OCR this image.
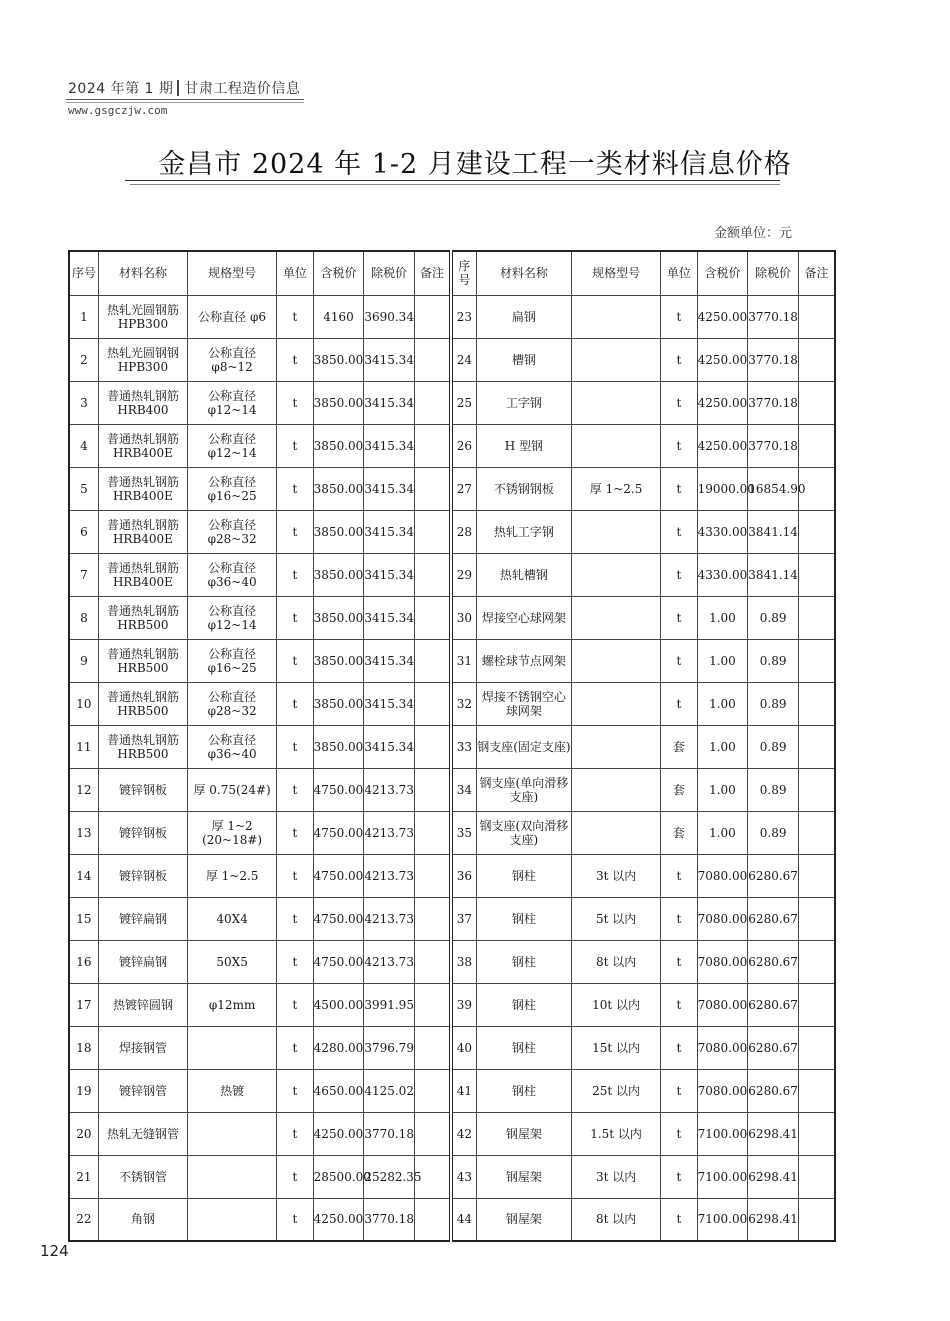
2024 年第 1 期 甘肃工程造价信息
www.gsgczjw.com
金昌市 2024 年 1-2 月建设工程一类材料信息价格
金额单位：元
序号	材料名称	规格型号	单位	含税价	除税价	备注	序号	材料名称	规格型号	单位	含税价	除税价	备注
1	热轧光圆钢筋 HPB300	公称直径 φ6	t	4160	3690.34		23	扁钢		t	4250.00	3770.18	
2	热轧光圆钢钢 HPB300	公称直径 φ8~12	t	3850.00	3415.34		24	槽钢		t	4250.00	3770.18	
3	普通热轧钢筋 HRB400	公称直径 φ12~14	t	3850.00	3415.34		25	工字钢		t	4250.00	3770.18	
4	普通热轧钢筋 HRB400E	公称直径 φ12~14	t	3850.00	3415.34		26	H 型钢		t	4250.00	3770.18	
5	普通热轧钢筋 HRB400E	公称直径 φ16~25	t	3850.00	3415.34		27	不锈钢钢板	厚 1~2.5	t	19000.00	16854.90	
6	普通热轧钢筋 HRB400E	公称直径 φ28~32	t	3850.00	3415.34		28	热轧工字钢		t	4330.00	3841.14	
7	普通热轧钢筋 HRB400E	公称直径 φ36~40	t	3850.00	3415.34		29	热轧槽钢		t	4330.00	3841.14	
8	普通热轧钢筋 HRB500	公称直径 φ12~14	t	3850.00	3415.34		30	焊接空心球网架		t	1.00	0.89	
9	普通热轧钢筋 HRB500	公称直径 φ16~25	t	3850.00	3415.34		31	螺栓球节点网架		t	1.00	0.89	
10	普通热轧钢筋 HRB500	公称直径 φ28~32	t	3850.00	3415.34		32	焊接不锈钢空心球网架		t	1.00	0.89	
11	普通热轧钢筋 HRB500	公称直径 φ36~40	t	3850.00	3415.34		33	钢支座(固定支座)		套	1.00	0.89	
12	镀锌钢板	厚 0.75(24#)	t	4750.00	4213.73		34	钢支座(单向滑移支座)		套	1.00	0.89	
13	镀锌钢板	厚 1~2 (20~18#)	t	4750.00	4213.73		35	钢支座(双向滑移支座)		套	1.00	0.89	
14	镀锌钢板	厚 1~2.5	t	4750.00	4213.73		36	钢柱	3t 以内	t	7080.00	6280.67	
15	镀锌扁钢	40X4	t	4750.00	4213.73		37	钢柱	5t 以内	t	7080.00	6280.67	
16	镀锌扁钢	50X5	t	4750.00	4213.73		38	钢柱	8t 以内	t	7080.00	6280.67	
17	热镀锌圆钢	φ12mm	t	4500.00	3991.95		39	钢柱	10t 以内	t	7080.00	6280.67	
18	焊接钢管		t	4280.00	3796.79		40	钢柱	15t 以内	t	7080.00	6280.67	
19	镀锌钢管	热镀	t	4650.00	4125.02		41	钢柱	25t 以内	t	7080.00	6280.67	
20	热轧无缝钢管		t	4250.00	3770.18		42	钢屋架	1.5t 以内	t	7100.00	6298.41	
21	不锈钢管		t	28500.00	25282.35		43	钢屋架	3t 以内	t	7100.00	6298.41	
22	角钢		t	4250.00	3770.18		44	钢屋架	8t 以内	t	7100.00	6298.41	
124
